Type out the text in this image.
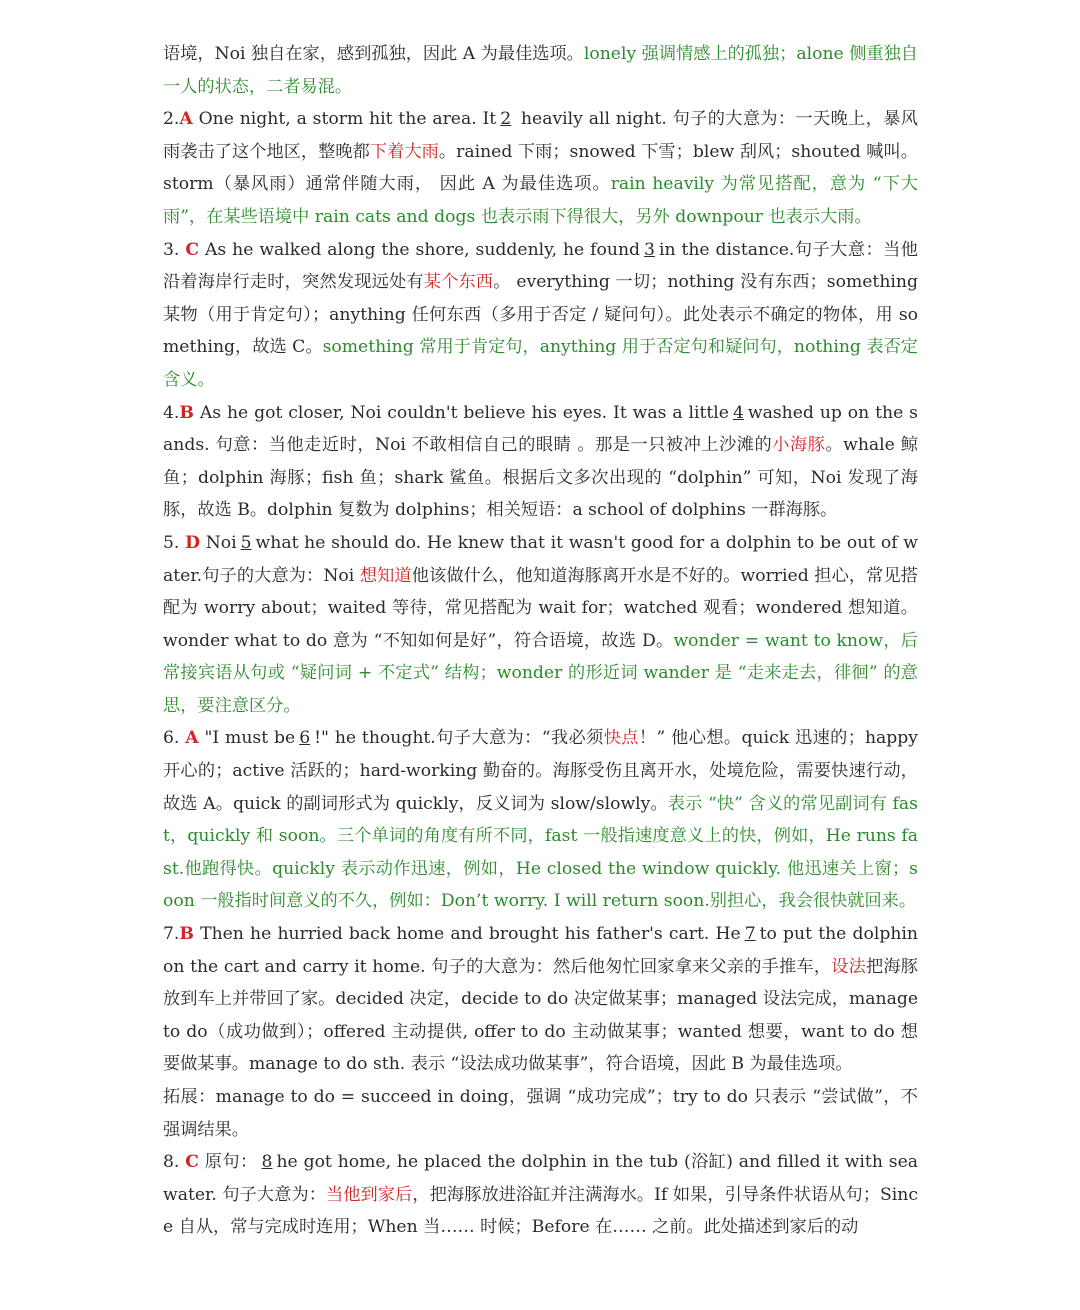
语境，Noi 独自在家，感到孤独，因此 A 为最佳选项。lonely 强调情感上的孤独；alone 侧重独自一人的状态，二者易混。

2.A One night, a storm hit the area. It 2 heavily all night. 句子的大意为：一天晚上，暴风雨袭击了这个地区，整晚都下着大雨。rained 下雨；snowed 下雪；blew 刮风；shouted 喊叫。storm（暴风雨）通常伴随大雨， 因此 A 为最佳选项。rain heavily 为常见搭配，意为 “下大雨”，在某些语境中 rain cats and dogs 也表示雨下得很大，另外 downpour 也表示大雨。

3. C As he walked along the shore, suddenly, he found 3 in the distance.句子大意：当他沿着海岸行走时，突然发现远处有某个东西。 everything 一切；nothing 没有东西；something 某物（用于肯定句）；anything 任何东西（多用于否定 / 疑问句）。此处表示不确定的物体，用 something，故选 C。something 常用于肯定句，anything 用于否定句和疑问句，nothing 表否定含义。

4.B As he got closer, Noi couldn't believe his eyes. It was a little 4 washed up on the sands. 句意：当他走近时，Noi 不敢相信自己的眼睛 。那是一只被冲上沙滩的小海豚。whale 鲸鱼；dolphin 海豚；fish 鱼；shark 鲨鱼。根据后文多次出现的 “dolphin” 可知，Noi 发现了海豚，故选 B。dolphin 复数为 dolphins；相关短语：a school of dolphins 一群海豚。

5. D Noi 5 what he should do. He knew that it wasn't good for a dolphin to be out of water.句子的大意为：Noi 想知道他该做什么，他知道海豚离开水是不好的。worried 担心，常见搭配为 worry about；waited 等待，常见搭配为 wait for；watched 观看；wondered 想知道。wonder what to do 意为 “不知如何是好”，符合语境，故选 D。wonder = want to know，后常接宾语从句或 “疑问词 + 不定式” 结构；wonder 的形近词 wander 是 “走来走去，徘徊” 的意思，要注意区分。

6. A "I must be 6 !" he thought.句子大意为：“我必须快点！” 他心想。quick 迅速的；happy 开心的；active 活跃的；hard-working 勤奋的。海豚受伤且离开水，处境危险，需要快速行动，故选 A。quick 的副词形式为 quickly，反义词为 slow/slowly。表示 “快” 含义的常见副词有 fast，quickly 和 soon。三个单词的角度有所不同，fast 一般指速度意义上的快，例如，He runs fast.他跑得快。quickly 表示动作迅速，例如，He closed the window quickly. 他迅速关上窗；soon 一般指时间意义的不久，例如：Don’t worry. I will return soon.别担心，我会很快就回来。

7.B Then he hurried back home and brought his father's cart. He 7 to put the dolphin on the cart and carry it home. 句子的大意为：然后他匆忙回家拿来父亲的手推车，设法把海豚放到车上并带回了家。decided 决定，decide to do 决定做某事；managed 设法完成，manage to do（成功做到）；offered 主动提供, offer to do 主动做某事；wanted 想要，want to do 想要做某事。manage to do sth. 表示 “设法成功做某事”，符合语境，因此 B 为最佳选项。

拓展：manage to do = succeed in doing，强调 “成功完成”；try to do 只表示 “尝试做”，不强调结果。

8. C 原句： 8 he got home, he placed the dolphin in the tub (浴缸) and filled it with sea water. 句子大意为：当他到家后，把海豚放进浴缸并注满海水。If 如果，引导条件状语从句；Since 自从，常与完成时连用；When 当…… 时候；Before 在…… 之前。此处描述到家后的动
